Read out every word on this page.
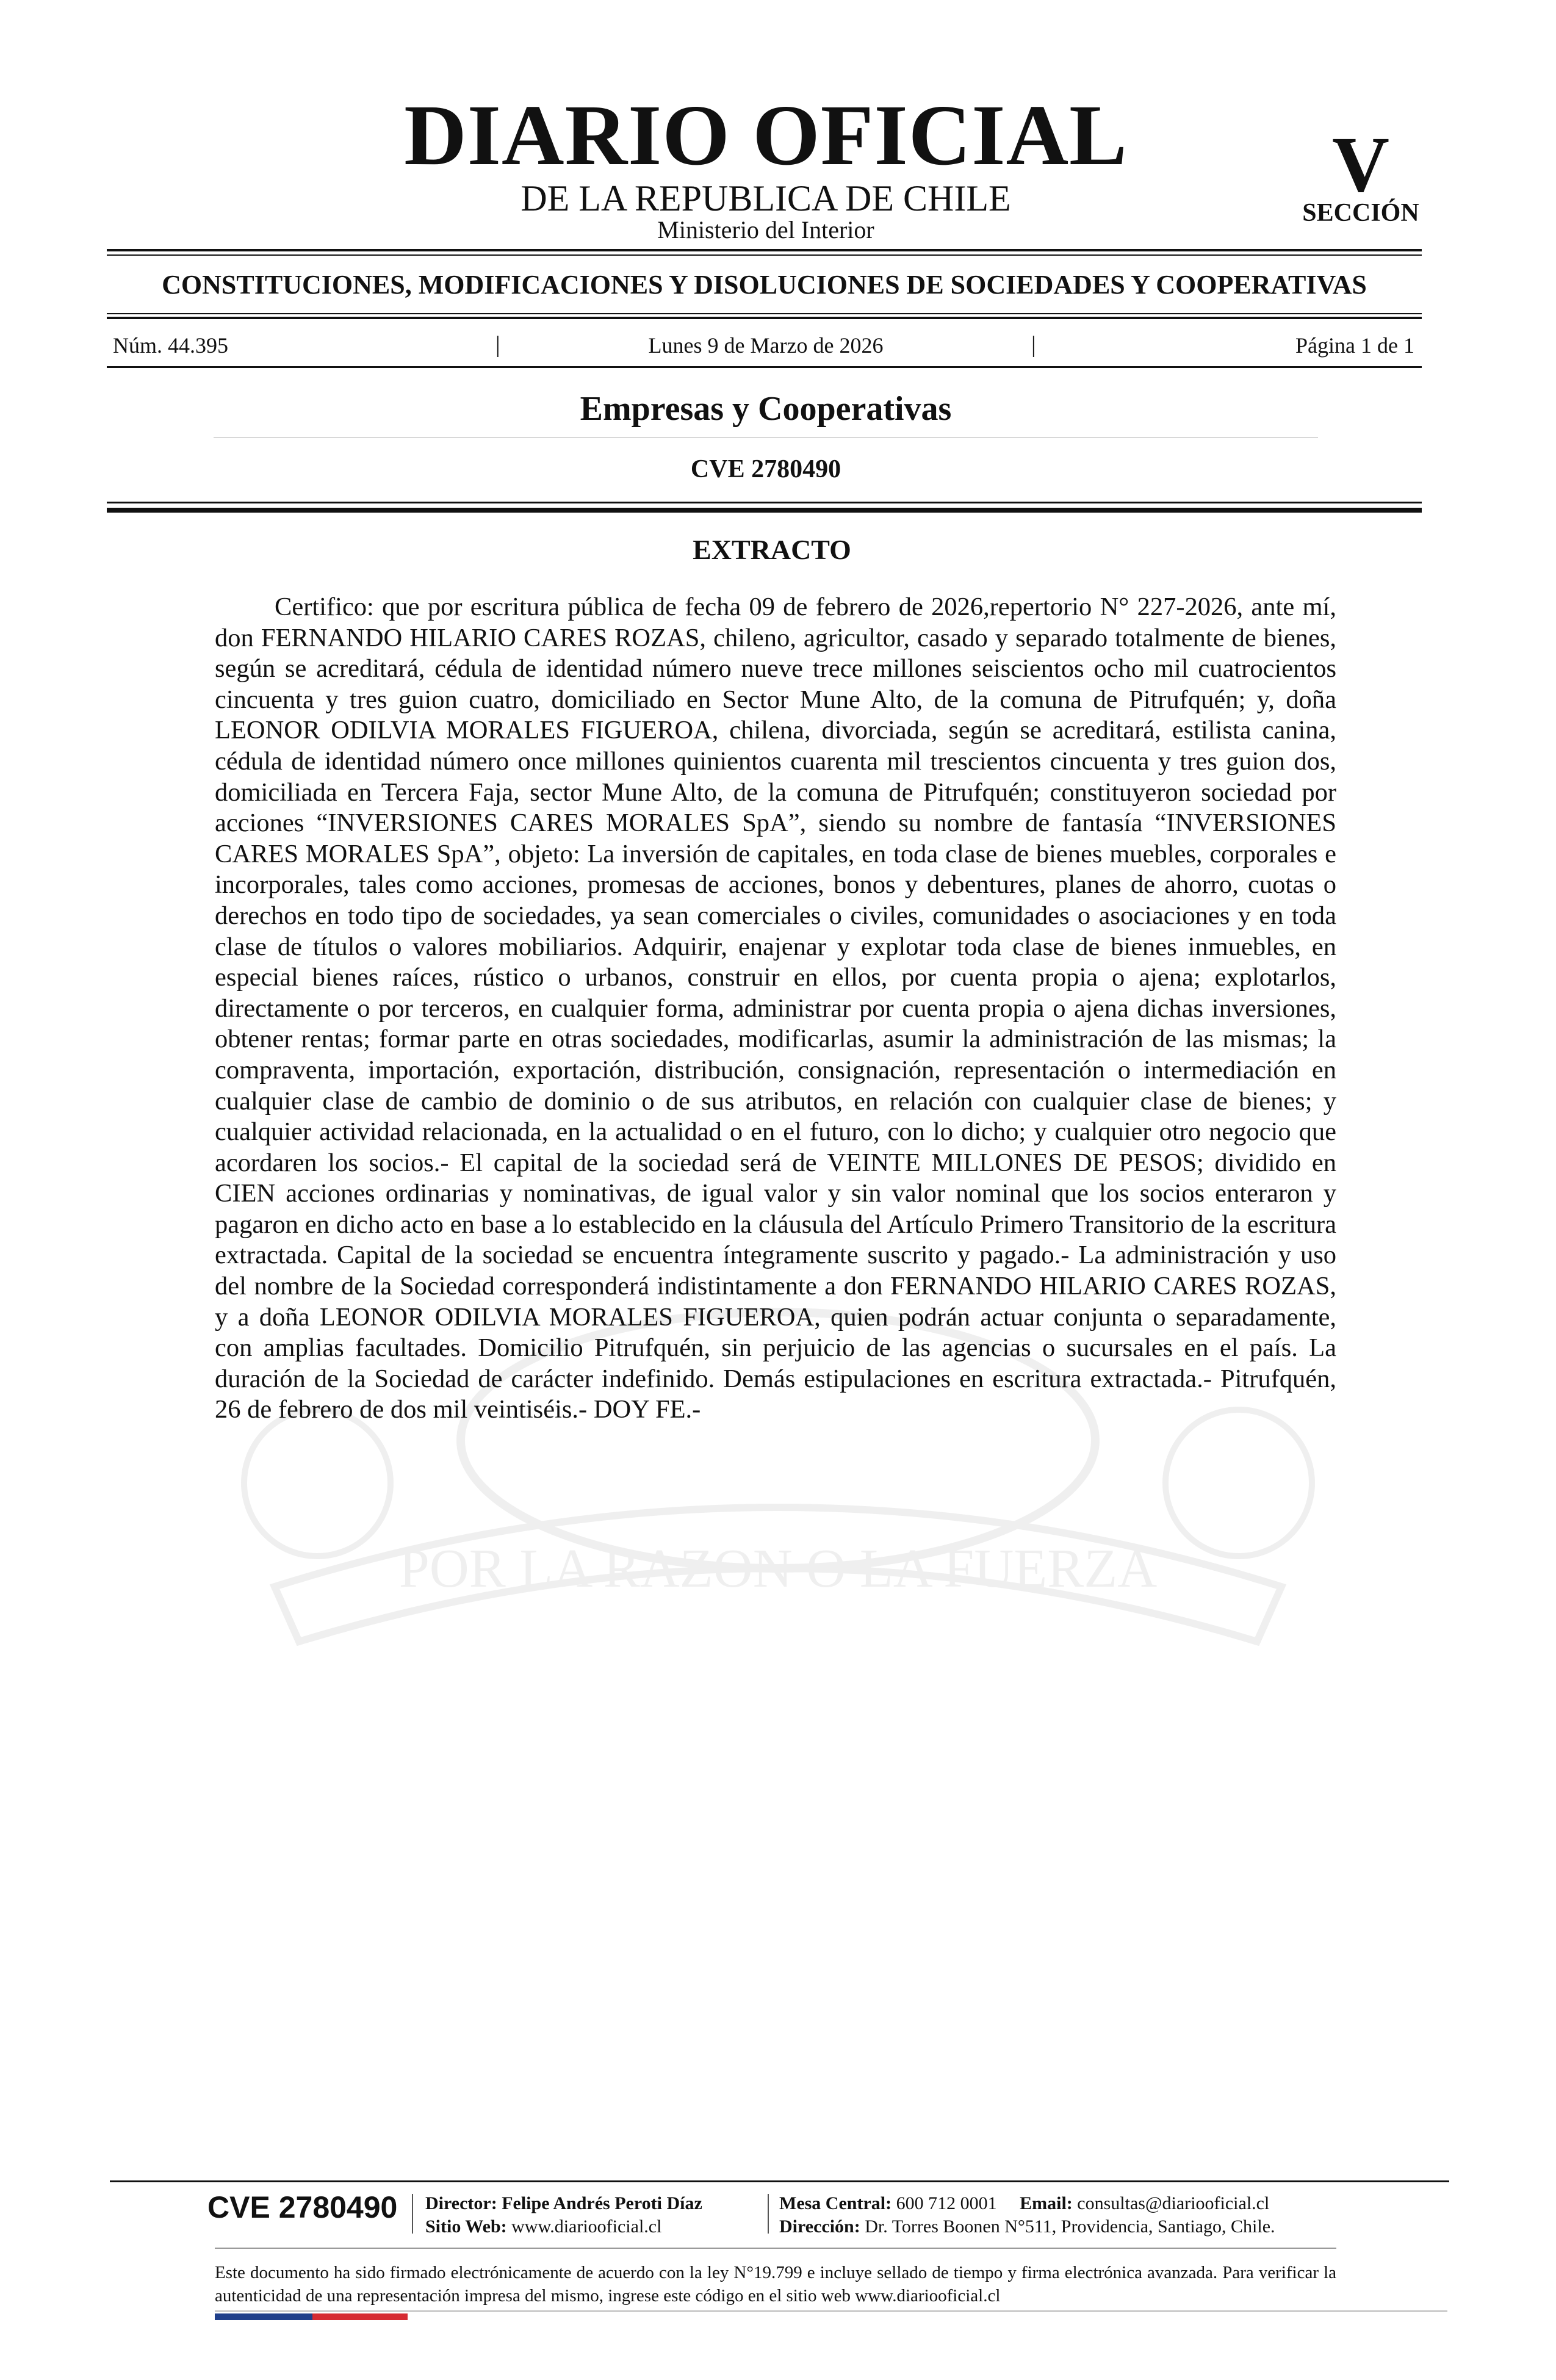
POR LA RAZON O LA FUERZA
DIARIO OFICIAL
DE LA REPUBLICA DE CHILE
Ministerio del Interior
V
SECCIÓN
CONSTITUCIONES, MODIFICACIONES Y DISOLUCIONES DE SOCIEDADES Y COOPERATIVAS
Núm. 44.395	|	Lunes 9 de Marzo de 2026	|	Página 1 de 1
Empresas y Cooperativas
CVE 2780490
EXTRACTO

Certifico: que por escritura pública de fecha 09 de febrero de 2026,repertorio N° 227-2026, ante mí, don FERNANDO HILARIO CARES ROZAS, chileno, agricultor, casado y separado totalmente de bienes, según se acreditará, cédula de identidad número nueve trece millones seiscientos ocho mil cuatrocientos cincuenta y tres guion cuatro, domiciliado en Sector Mune Alto, de la comuna de Pitrufquén; y, doña LEONOR ODILVIA MORALES FIGUEROA, chilena, divorciada, según se acreditará, estilista canina, cédula de identidad número once millones quinientos cuarenta mil trescientos cincuenta y tres guion dos, domiciliada en Tercera Faja, sector Mune Alto, de la comuna de Pitrufquén; constituyeron sociedad por acciones “INVERSIONES CARES MORALES SpA”, siendo su nombre de fantasía “INVERSIONES CARES MORALES SpA”, objeto: La inversión de capitales, en toda clase de bienes muebles, corporales e incorporales, tales como acciones, promesas de acciones, bonos y debentures, planes de ahorro, cuotas o derechos en todo tipo de sociedades, ya sean comerciales o civiles, comunidades o asociaciones y en toda clase de títulos o valores mobiliarios. Adquirir, enajenar y explotar toda clase de bienes inmuebles, en especial bienes raíces, rústico o urbanos, construir en ellos, por cuenta propia o ajena; explotarlos, directamente o por terceros, en cualquier forma, administrar por cuenta propia o ajena dichas inversiones, obtener rentas; formar parte en otras sociedades, modificarlas, asumir la administración de las mismas; la compraventa, importación, exportación, distribución, consignación, representación o intermediación en cualquier clase de cambio de dominio o de sus atributos, en relación con cualquier clase de bienes; y cualquier actividad relacionada, en la actualidad o en el futuro, con lo dicho; y cualquier otro negocio que acordaren los socios.- El capital de la sociedad será de VEINTE MILLONES DE PESOS; dividido en CIEN acciones ordinarias y nominativas, de igual valor y sin valor nominal que los socios enteraron y pagaron en dicho acto en base a lo establecido en la cláusula del Artículo Primero Transitorio de la escritura extractada. Capital de la sociedad se encuentra íntegramente suscrito y pagado.- La administración y uso del nombre de la Sociedad corresponderá indistintamente a don FERNANDO HILARIO CARES ROZAS, y a doña LEONOR ODILVIA MORALES FIGUEROA, quien podrán actuar conjunta o separadamente, con amplias facultades. Domicilio Pitrufquén, sin perjuicio de las agencias o sucursales en el país. La duración de la Sociedad de carácter indefinido. Demás estipulaciones en escritura extractada.- Pitrufquén, 26 de febrero de dos mil veintiséis.- DOY FE.-

CVE 2780490 Director: Felipe Andrés Peroti Díaz
Sitio Web: www.diariooficial.cl
Mesa Central: 600 712 0001 Email: consultas@diariooficial.cl
Dirección: Dr. Torres Boonen N°511, Providencia, Santiago, Chile.

Este documento ha sido firmado electrónicamente de acuerdo con la ley N°19.799 e incluye sellado de tiempo y firma electrónica avanzada. Para verificar la autenticidad de una representación impresa del mismo, ingrese este código en el sitio web www.diariooficial.cl
